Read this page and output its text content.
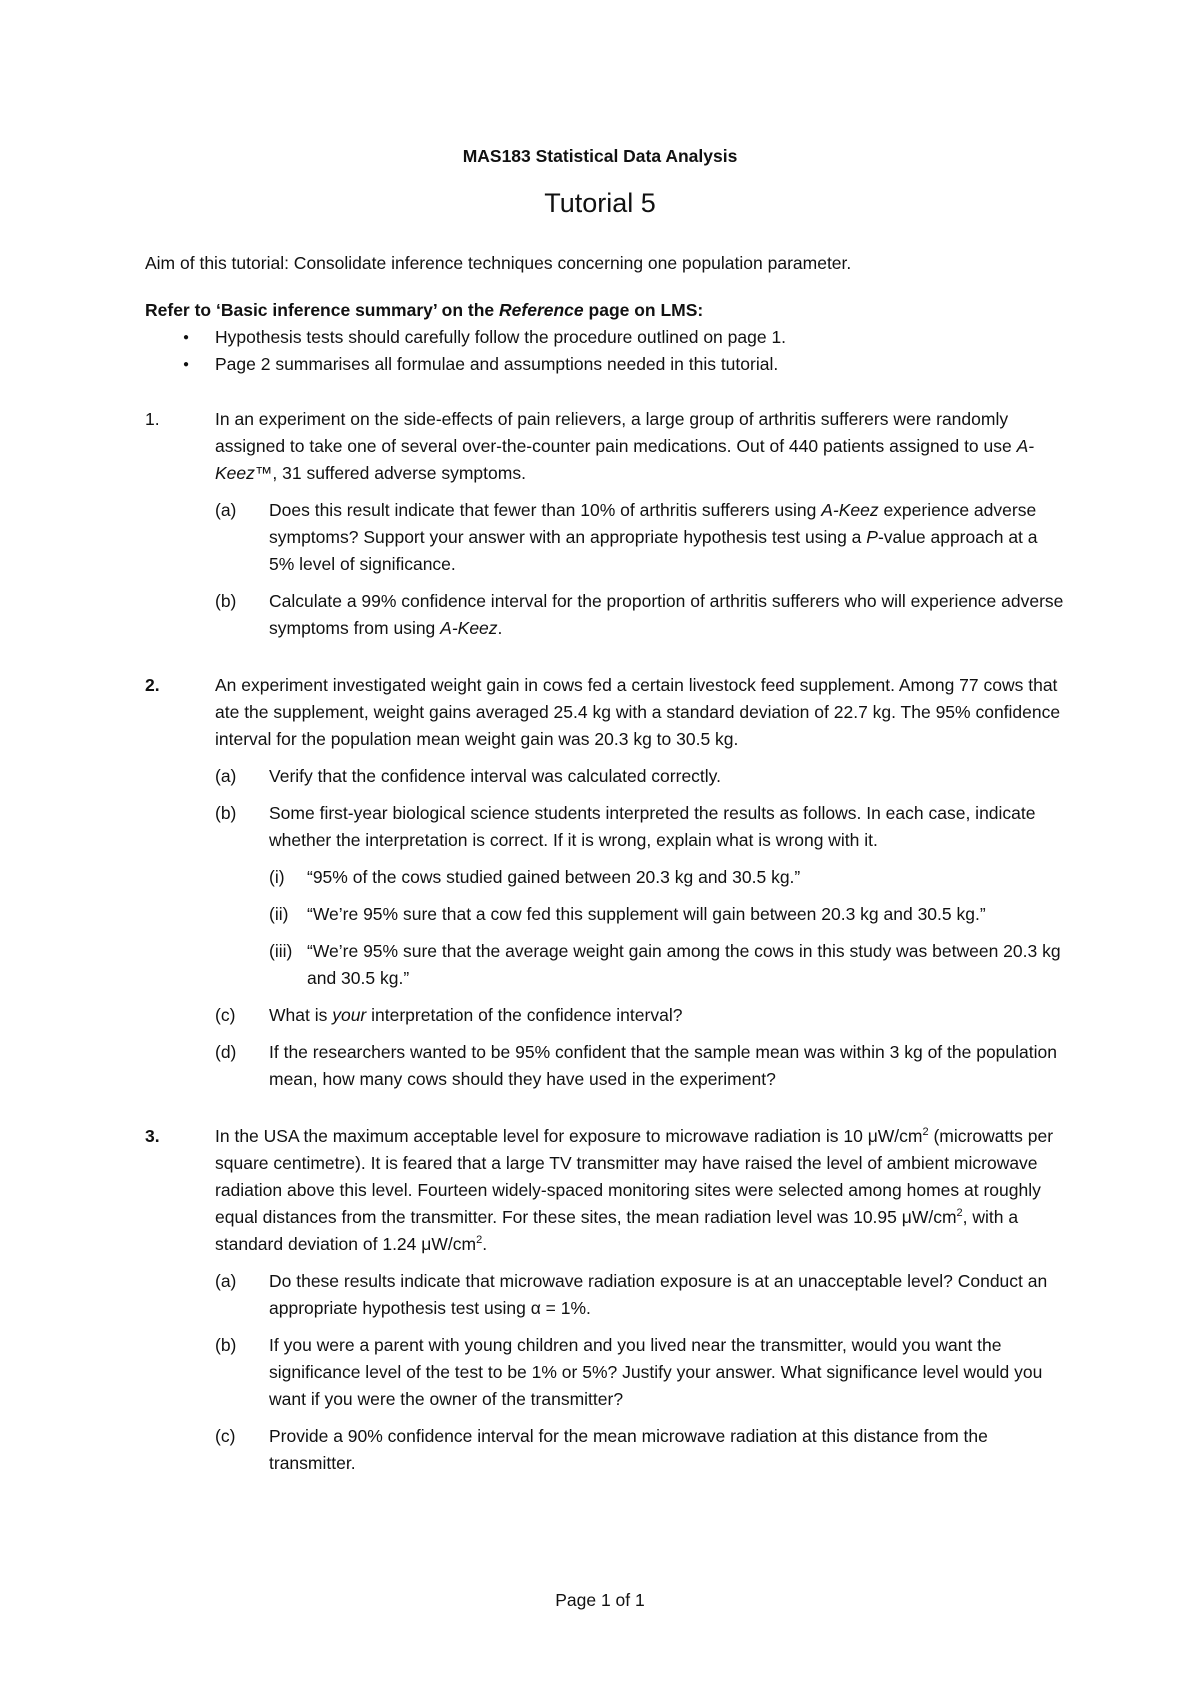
MAS183 Statistical Data Analysis
Tutorial 5

Aim of this tutorial: Consolidate inference techniques concerning one population parameter.

Refer to ‘Basic inference summary’ on the Reference page on LMS:

● Hypothesis tests should carefully follow the procedure outlined on page 1.
● Page 2 summarises all formulae and assumptions needed in this tutorial.
1.	In an experiment on the side-effects of pain relievers, a large group of arthritis sufferers were randomly assigned to take one of several over-the-counter pain medications. Out of 440 patients assigned to use A-Keez™, 31 suffered adverse symptoms.

(a) Does this result indicate that fewer than 10% of arthritis sufferers using A-Keez experience adverse symptoms? Support your answer with an appropriate hypothesis test using a P-value approach at a 5% level of significance.
(b) Calculate a 99% confidence interval for the proportion of arthritis sufferers who will experience adverse symptoms from using A-Keez.
2.	An experiment investigated weight gain in cows fed a certain livestock feed supplement. Among 77 cows that ate the supplement, weight gains averaged 25.4 kg with a standard deviation of 22.7 kg. The 95% confidence interval for the population mean weight gain was 20.3 kg to 30.5 kg.

(a) Verify that the confidence interval was calculated correctly.
(b) Some first-year biological science students interpreted the results as follows. In each case, indicate whether the interpretation is correct. If it is wrong, explain what is wrong with it.
(i) “95% of the cows studied gained between 20.3 kg and 30.5 kg.”
(ii) “We’re 95% sure that a cow fed this supplement will gain between 20.3 kg and 30.5 kg.”
(iii) “We’re 95% sure that the average weight gain among the cows in this study was between 20.3 kg and 30.5 kg.”
(c) What is your interpretation of the confidence interval?
(d) If the researchers wanted to be 95% confident that the sample mean was within 3 kg of the population mean, how many cows should they have used in the experiment?
3.	In the USA the maximum acceptable level for exposure to microwave radiation is 10 $\mu W/cm^2$ (microwatts per square centimetre). It is feared that a large TV transmitter may have raised the level of ambient microwave radiation above this level. Fourteen widely-spaced monitoring sites were selected among homes at roughly equal distances from the transmitter. For these sites, the mean radiation level was 10.95 $\mu W/cm^2$, with a standard deviation of 1.24 $\mu W/cm^2$.

(a) Do these results indicate that microwave radiation exposure is at an unacceptable level? Conduct an appropriate hypothesis test using α = 1%.
(b) If you were a parent with young children and you lived near the transmitter, would you want the significance level of the test to be 1% or 5%? Justify your answer. What significance level would you want if you were the owner of the transmitter?
(c) Provide a 90% confidence interval for the mean microwave radiation at this distance from the transmitter.
Page 1 of 1
